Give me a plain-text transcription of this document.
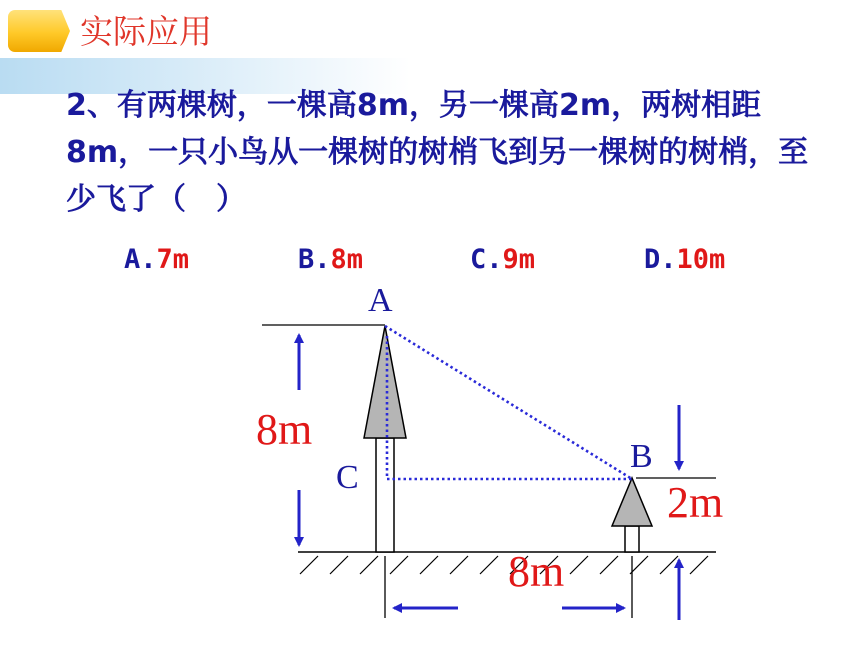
实际应用
2、有两棵树，一棵高8m，另一棵高2m，两树相距8m，一只小鸟从一棵树的树梢飞到另一棵树的树梢，至少飞了（　）
A.7m	B.8m	C.9m	D.10m
A
B
C
8m
2m
8m
